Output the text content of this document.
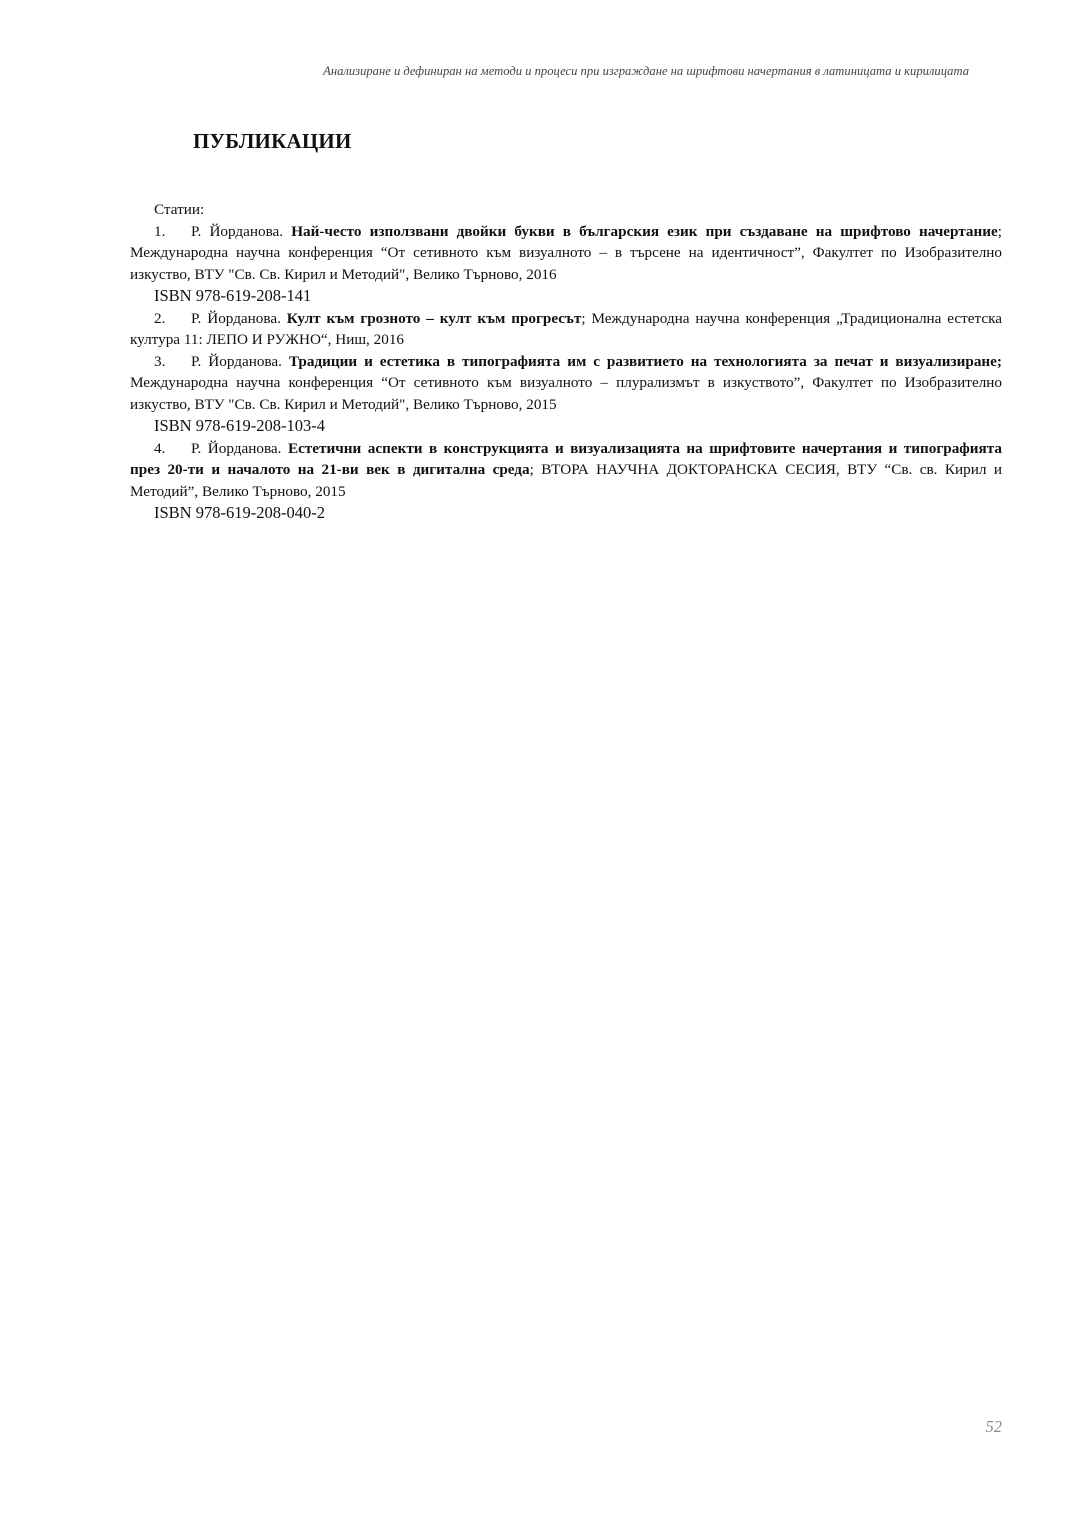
Анализиране и дефиниран на методи и процеси при изграждане на шрифтови начертания в латиницата и кирилицата
ПУБЛИКАЦИИ

Статии:

1. Р. Йорданова. Най-често използвани двойки букви в българския език при създаване на шрифтово начертание; Международна научна конференция “От сетивното към визуалното – в търсене на идентичност”, Факултет по Изобразително изкуство, ВТУ "Св. Св. Кирил и Методий", Велико Търново, 2016

ISBN 978-619-208-141

2. Р. Йорданова. Култ към грозното – култ към прогресът; Международна научна конференция „Традиционална естетска култура 11: ЛЕПО И РУЖНО“, Ниш, 2016

3. Р. Йорданова. Традиции и естетика в типографията им с развитието на технологията за печат и визуализиране; Международна научна конференция “От сетивното към визуалното – плурализмът в изкуството”, Факултет по Изобразително изкуство, ВТУ "Св. Св. Кирил и Методий", Велико Търново, 2015

ISBN 978-619-208-103-4

4. Р. Йорданова. Естетични аспекти в конструкцията и визуализацията на шрифтовите начертания и типографията през 20-ти и началото на 21-ви век в дигитална среда; ВТОРА НАУЧНА ДОКТОРАНСКА СЕСИЯ, ВТУ “Св. св. Кирил и Методий”, Велико Търново, 2015

ISBN 978-619-208-040-2

52
